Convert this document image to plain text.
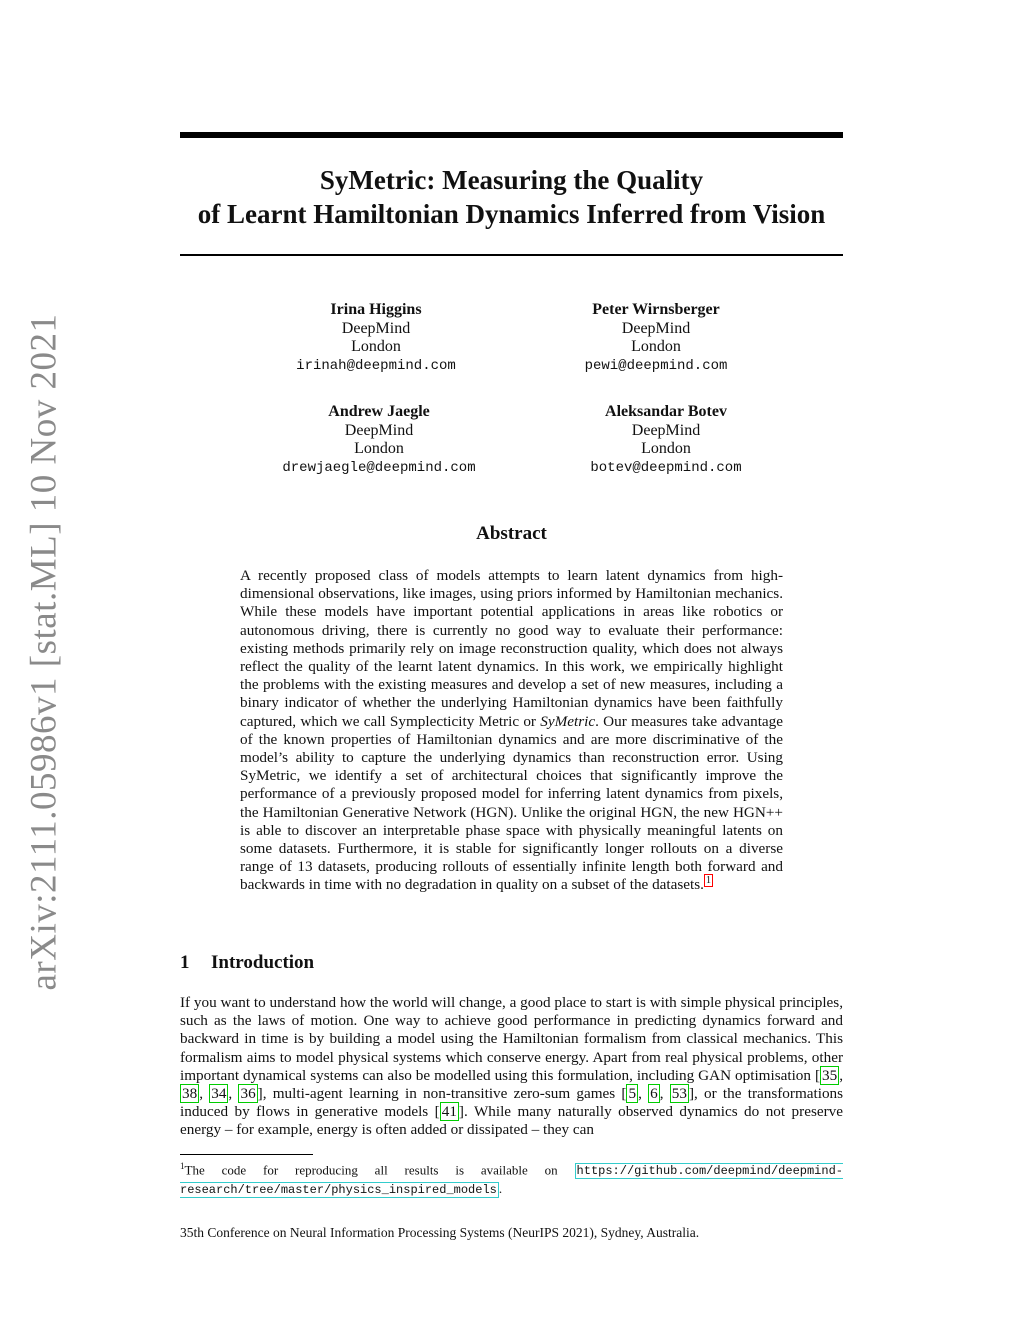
arXiv:2111.05986v1 [stat.ML] 10 Nov 2021
SyMetric: Measuring the Quality
of Learnt Hamiltonian Dynamics Inferred from Vision
Irina Higgins
DeepMind
London
irinah@deepmind.com
Peter Wirnsberger
DeepMind
London
pewi@deepmind.com
Andrew Jaegle
DeepMind
London
drewjaegle@deepmind.com
Aleksandar Botev
DeepMind
London
botev@deepmind.com
Abstract

A recently proposed class of models attempts to learn latent dynamics from high-dimensional observations, like images, using priors informed by Hamiltonian mechanics. While these models have important potential applications in areas like robotics or autonomous driving, there is currently no good way to evaluate their performance: existing methods primarily rely on image reconstruction quality, which does not always reflect the quality of the learnt latent dynamics. In this work, we empirically highlight the problems with the existing measures and develop a set of new measures, including a binary indicator of whether the underlying Hamiltonian dynamics have been faithfully captured, which we call Symplecticity Metric or SyMetric. Our measures take advantage of the known properties of Hamiltonian dynamics and are more discriminative of the model’s ability to capture the underlying dynamics than reconstruction error. Using SyMetric, we identify a set of architectural choices that significantly improve the performance of a previously proposed model for inferring latent dynamics from pixels, the Hamiltonian Generative Network (HGN). Unlike the original HGN, the new HGN++ is able to discover an interpretable phase space with physically meaningful latents on some datasets. Furthermore, it is stable for significantly longer rollouts on a diverse range of 13 datasets, producing rollouts of essentially infinite length both forward and backwards in time with no degradation in quality on a subset of the datasets. $^1$

1 Introduction

If you want to understand how the world will change, a good place to start is with simple physical principles, such as the laws of motion. One way to achieve good performance in predicting dynamics forward and backward in time is by building a model using the Hamiltonian formalism from classical mechanics. This formalism aims to model physical systems which conserve energy. Apart from real physical problems, other important dynamical systems can also be modelled using this formulation, including GAN optimisation [ 35 , 38 , 34 , 36 ], multi-agent learning in non-transitive zero-sum games [ 5 , 6 , 53 ], or the transformations induced by flows in generative models [ 41 ]. While many naturally observed dynamics do not preserve energy – for example, energy is often added or dissipated – they can

$^1$The code for reproducing all results is available on https://github.com/deepmind/deepmind-research/tree/master/physics_inspired_models .

35th Conference on Neural Information Processing Systems (NeurIPS 2021), Sydney, Australia.
